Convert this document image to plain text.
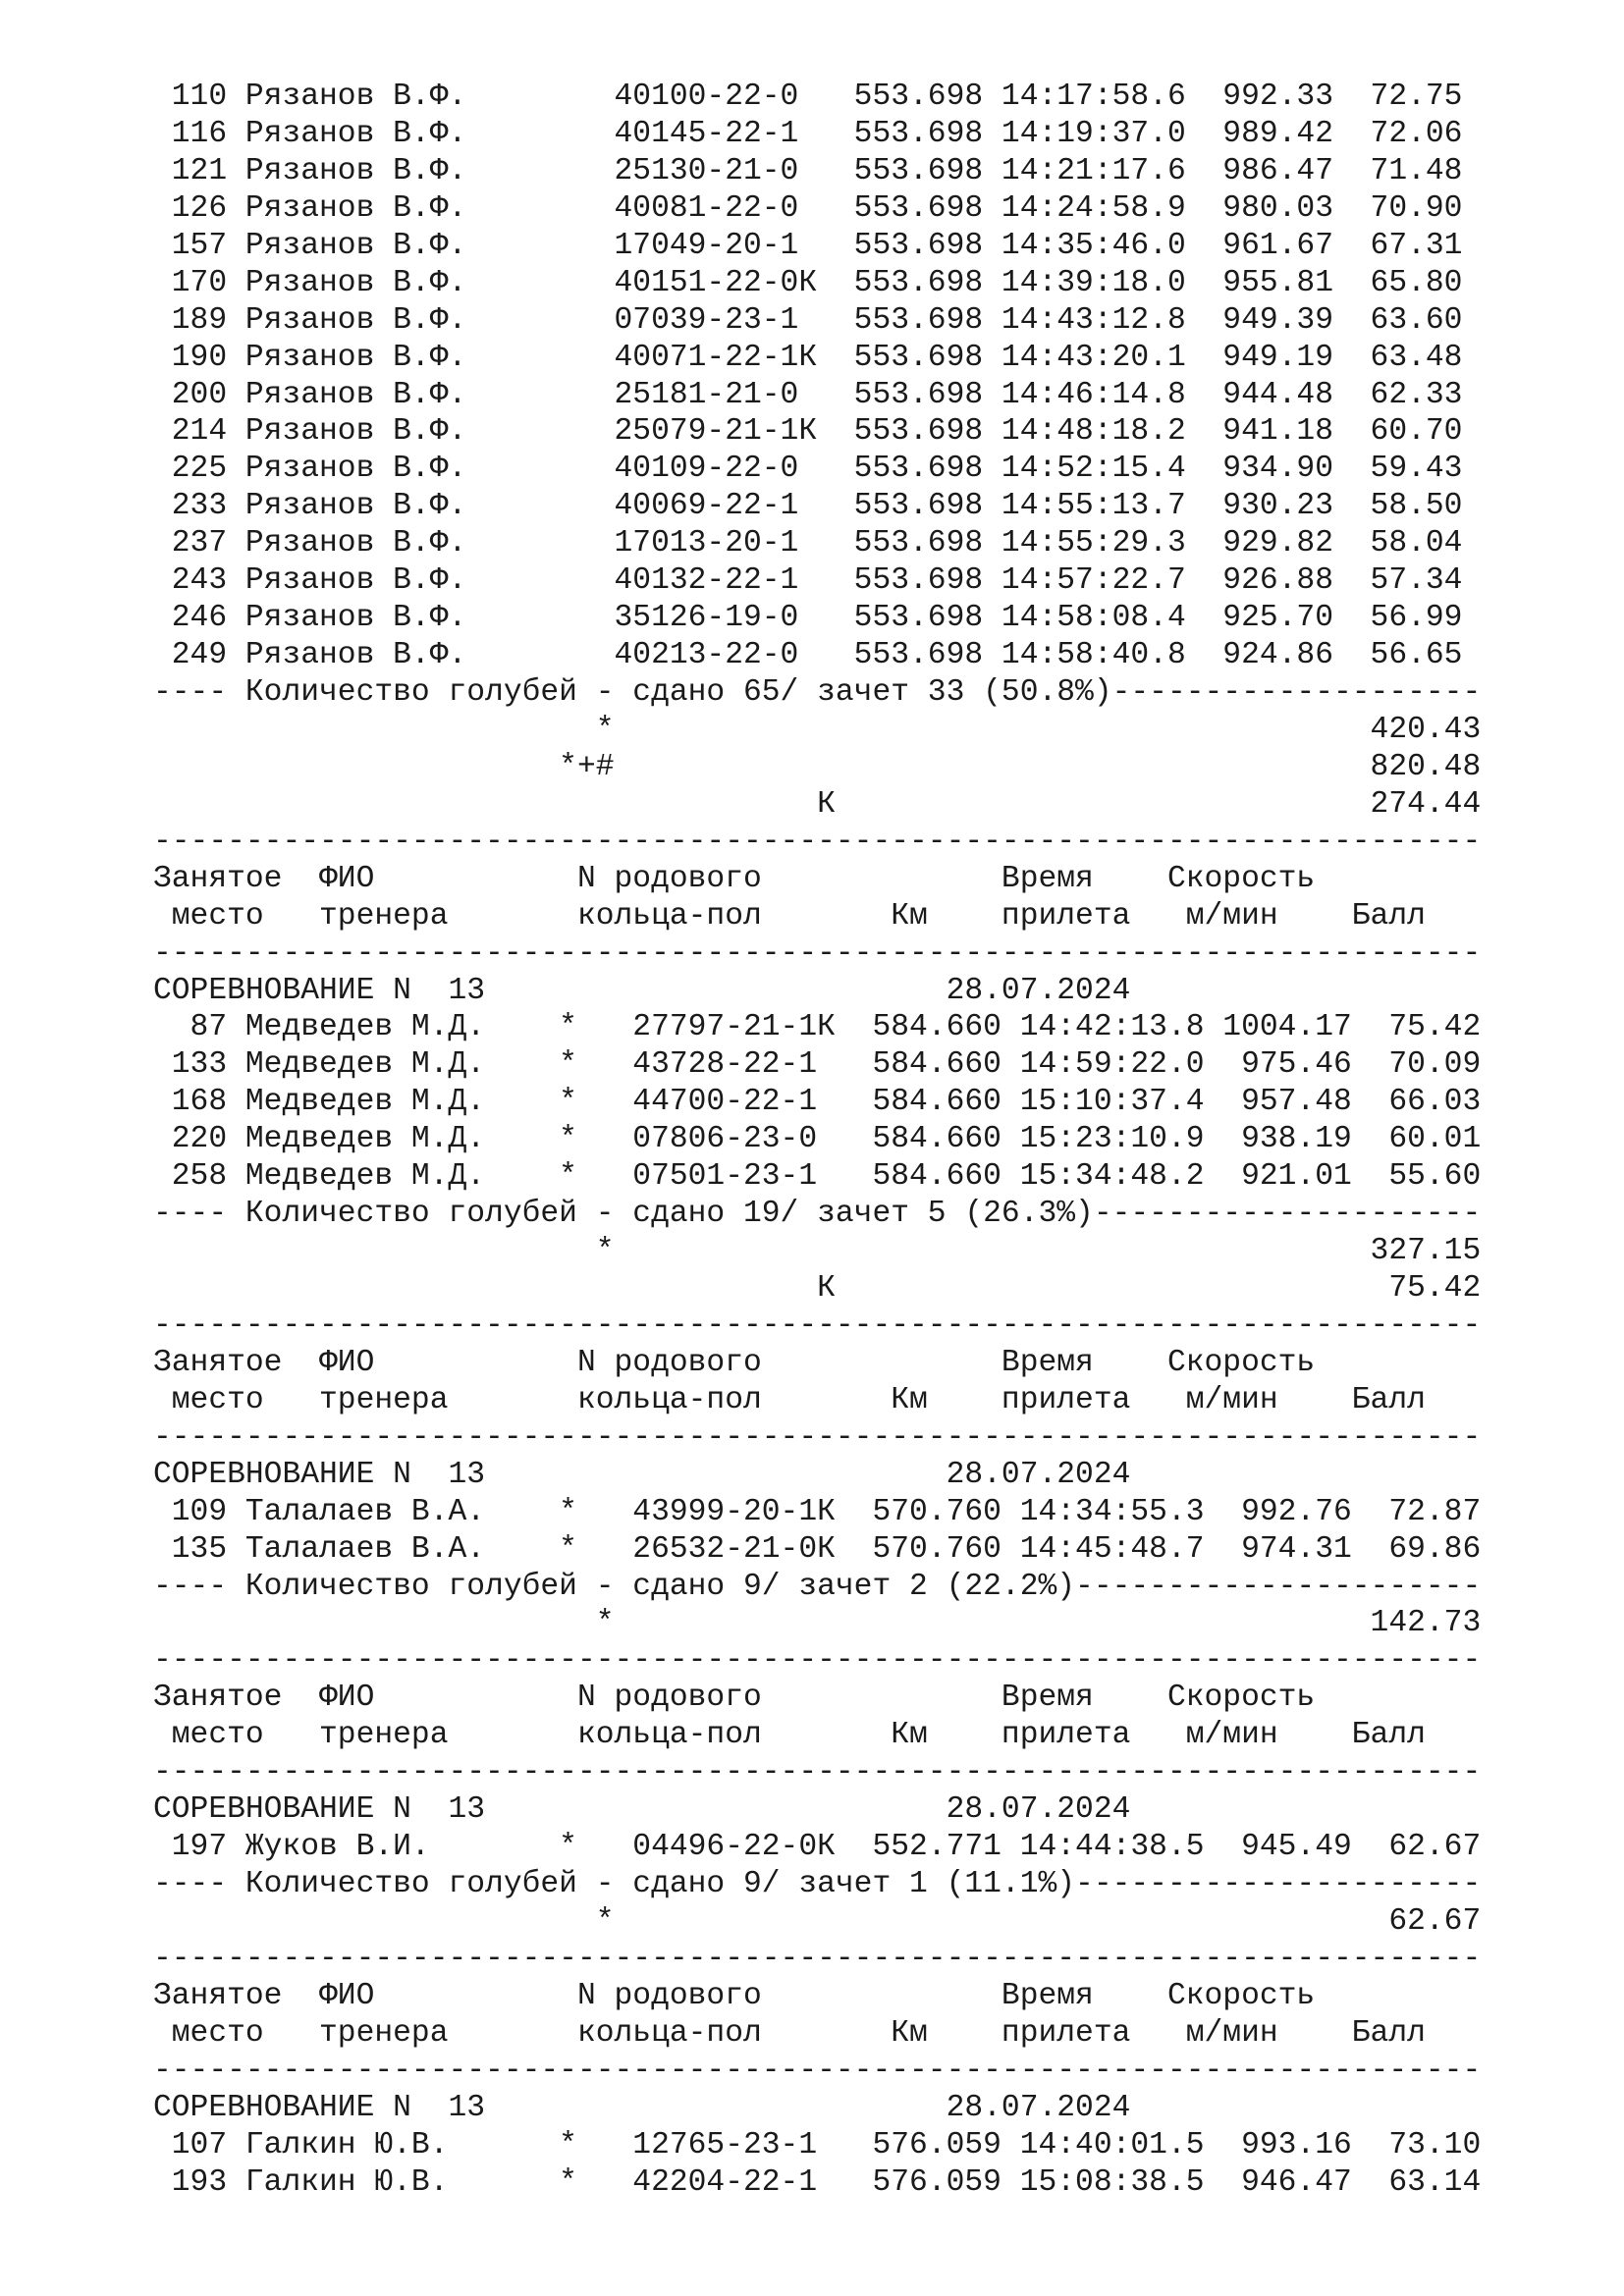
110 Рязанов В.Ф.        40100-22-0   553.698 14:17:58.6  992.33  72.75
116 Рязанов В.Ф.        40145-22-1   553.698 14:19:37.0  989.42  72.06
121 Рязанов В.Ф.        25130-21-0   553.698 14:21:17.6  986.47  71.48
126 Рязанов В.Ф.        40081-22-0   553.698 14:24:58.9  980.03  70.90
157 Рязанов В.Ф.        17049-20-1   553.698 14:35:46.0  961.67  67.31
170 Рязанов В.Ф.        40151-22-0К  553.698 14:39:18.0  955.81  65.80
189 Рязанов В.Ф.        07039-23-1   553.698 14:43:12.8  949.39  63.60
190 Рязанов В.Ф.        40071-22-1К  553.698 14:43:20.1  949.19  63.48
200 Рязанов В.Ф.        25181-21-0   553.698 14:46:14.8  944.48  62.33
214 Рязанов В.Ф.        25079-21-1К  553.698 14:48:18.2  941.18  60.70
225 Рязанов В.Ф.        40109-22-0   553.698 14:52:15.4  934.90  59.43
233 Рязанов В.Ф.        40069-22-1   553.698 14:55:13.7  930.23  58.50
237 Рязанов В.Ф.        17013-20-1   553.698 14:55:29.3  929.82  58.04
243 Рязанов В.Ф.        40132-22-1   553.698 14:57:22.7  926.88  57.34
246 Рязанов В.Ф.        35126-19-0   553.698 14:58:08.4  925.70  56.99
249 Рязанов В.Ф.        40213-22-0   553.698 14:58:40.8  924.86  56.65
---- Количество голубей - сдано 65/ зачет 33 (50.8%)--------------------
*                                         420.43
*+#                                         820.48
К                             274.44
------------------------------------------------------------------------
Занятое  ФИО           N родового             Время    Скорость
место   тренера       кольца-пол       Км    прилета   м/мин    Балл
------------------------------------------------------------------------
СОРЕВНОВАНИЕ N  13                         28.07.2024
87 Медведев М.Д.    *   27797-21-1К  584.660 14:42:13.8 1004.17  75.42
133 Медведев М.Д.    *   43728-22-1   584.660 14:59:22.0  975.46  70.09
168 Медведев М.Д.    *   44700-22-1   584.660 15:10:37.4  957.48  66.03
220 Медведев М.Д.    *   07806-23-0   584.660 15:23:10.9  938.19  60.01
258 Медведев М.Д.    *   07501-23-1   584.660 15:34:48.2  921.01  55.60
---- Количество голубей - сдано 19/ зачет 5 (26.3%)---------------------
*                                         327.15
К                              75.42
------------------------------------------------------------------------
Занятое  ФИО           N родового             Время    Скорость
место   тренера       кольца-пол       Км    прилета   м/мин    Балл
------------------------------------------------------------------------
СОРЕВНОВАНИЕ N  13                         28.07.2024
109 Талалаев В.А.    *   43999-20-1К  570.760 14:34:55.3  992.76  72.87
135 Талалаев В.А.    *   26532-21-0К  570.760 14:45:48.7  974.31  69.86
---- Количество голубей - сдано 9/ зачет 2 (22.2%)----------------------
*                                         142.73
------------------------------------------------------------------------
Занятое  ФИО           N родового             Время    Скорость
место   тренера       кольца-пол       Км    прилета   м/мин    Балл
------------------------------------------------------------------------
СОРЕВНОВАНИЕ N  13                         28.07.2024
197 Жуков В.И.       *   04496-22-0К  552.771 14:44:38.5  945.49  62.67
---- Количество голубей - сдано 9/ зачет 1 (11.1%)----------------------
*                                          62.67
------------------------------------------------------------------------
Занятое  ФИО           N родового             Время    Скорость
место   тренера       кольца-пол       Км    прилета   м/мин    Балл
------------------------------------------------------------------------
СОРЕВНОВАНИЕ N  13                         28.07.2024
107 Галкин Ю.В.      *   12765-23-1   576.059 14:40:01.5  993.16  73.10
193 Галкин Ю.В.      *   42204-22-1   576.059 15:08:38.5  946.47  63.14
